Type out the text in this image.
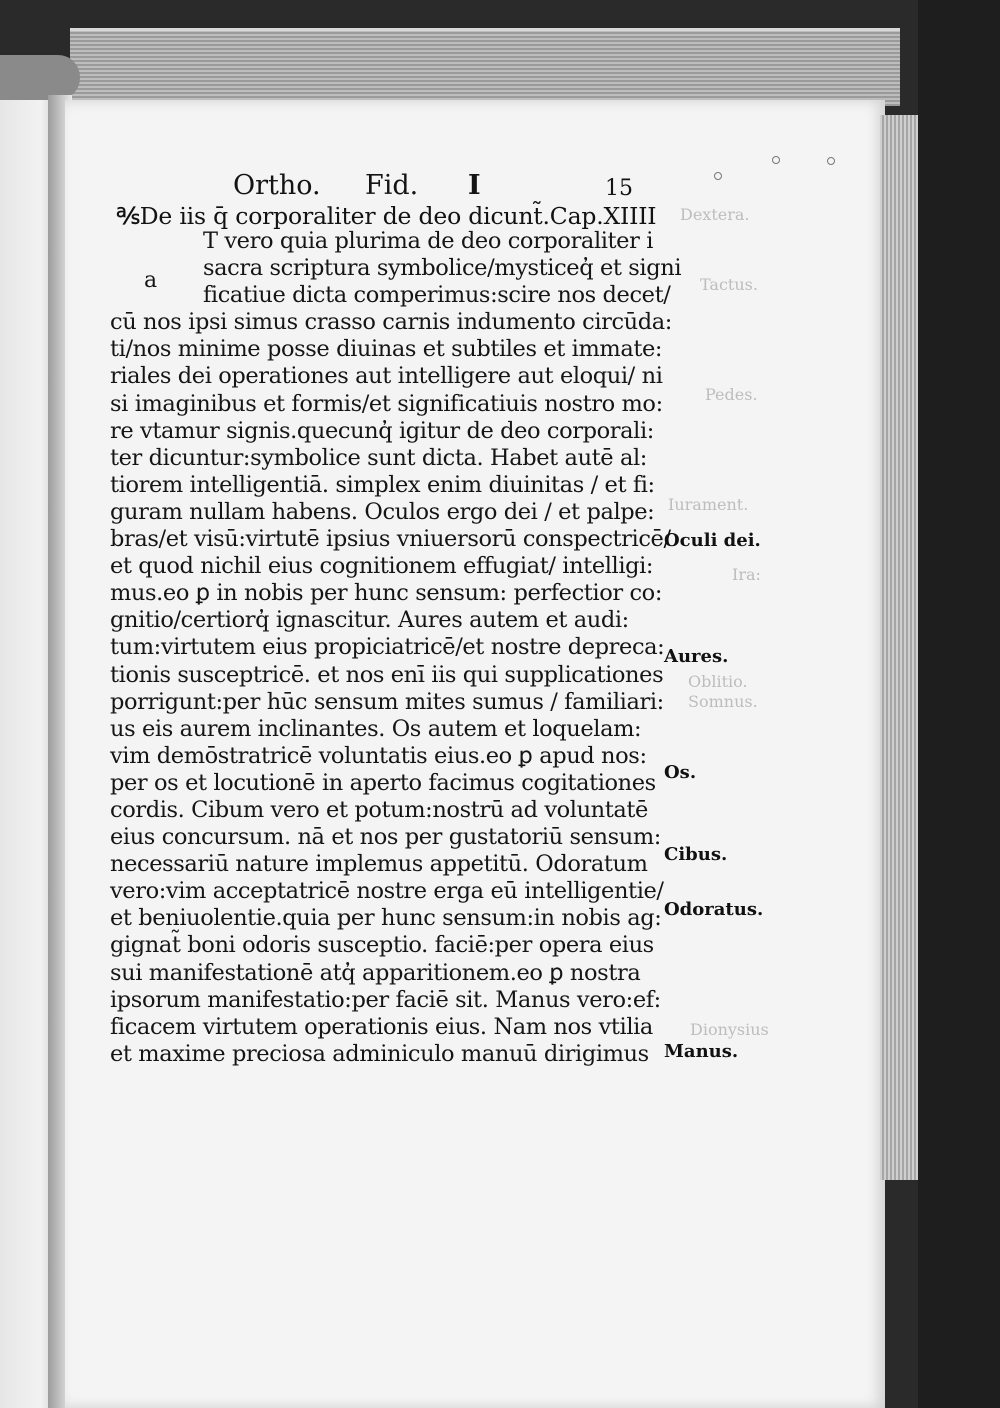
Dextera.
Tactus.
Pedes.
Iurament.
Ira:
Oblitio.
Somnus.
Dionysius
Ortho. Fid. I	15
℁De iis q̄ corporaliter de deo dicunt̃.Cap.XIIII
a
T vero quia plurima de deo corporaliter i
sacra scriptura symbolice/mysticeq̓ et signi
ficatiue dicta comperimus:scire nos decet/
cū nos ipsi simus crasso carnis indumento circūda:
ti/nos minime posse diuinas et subtiles et immate:
riales dei operationes aut intelligere aut eloqui/ ni
si imaginibus et formis/et significatiuis nostro mo:
re vtamur signis.quecunq̓ igitur de deo corporali:
ter dicuntur:symbolice sunt dicta. Habet autē al:
tiorem intelligentiā. simplex enim diuinitas / et fi:
guram nullam habens. Oculos ergo dei / et palpe:
bras/et visū:virtutē ipsius vniuersorū conspectricē/
et quod nichil eius cognitionem effugiat/ intelligi:
mus.eo ꝑ in nobis per hunc sensum: perfectior co:
gnitio/certiorq̓ ignascitur. Aures autem et audi:
tum:virtutem eius propiciatricē/et nostre depreca:
tionis susceptricē. et nos enī iis qui supplicationes
porrigunt:per hūc sensum mites sumus / familiari:
us eis aurem inclinantes. Os autem et loquelam:
vim demōstratricē voluntatis eius.eo ꝑ apud nos:
per os et locutionē in aperto facimus cogitationes
cordis. Cibum vero et potum:nostrū ad voluntatē
eius concursum. nā et nos per gustatoriū sensum:
necessariū nature implemus appetitū. Odoratum
vero:vim acceptatricē nostre erga eū intelligentie/
et beniuolentie.quia per hunc sensum:in nobis ag:
gignat̃ boni odoris susceptio. faciē:per opera eius
sui manifestationē atq̓ apparitionem.eo ꝑ nostra
ipsorum manifestatio:per faciē sit. Manus vero:ef:
ficacem virtutem operationis eius. Nam nos vtilia
et maxime preciosa adminiculo manuū dirigimus
Oculi dei.
Aures.
Os.
Cibus.
Odoratus.
Manus.
